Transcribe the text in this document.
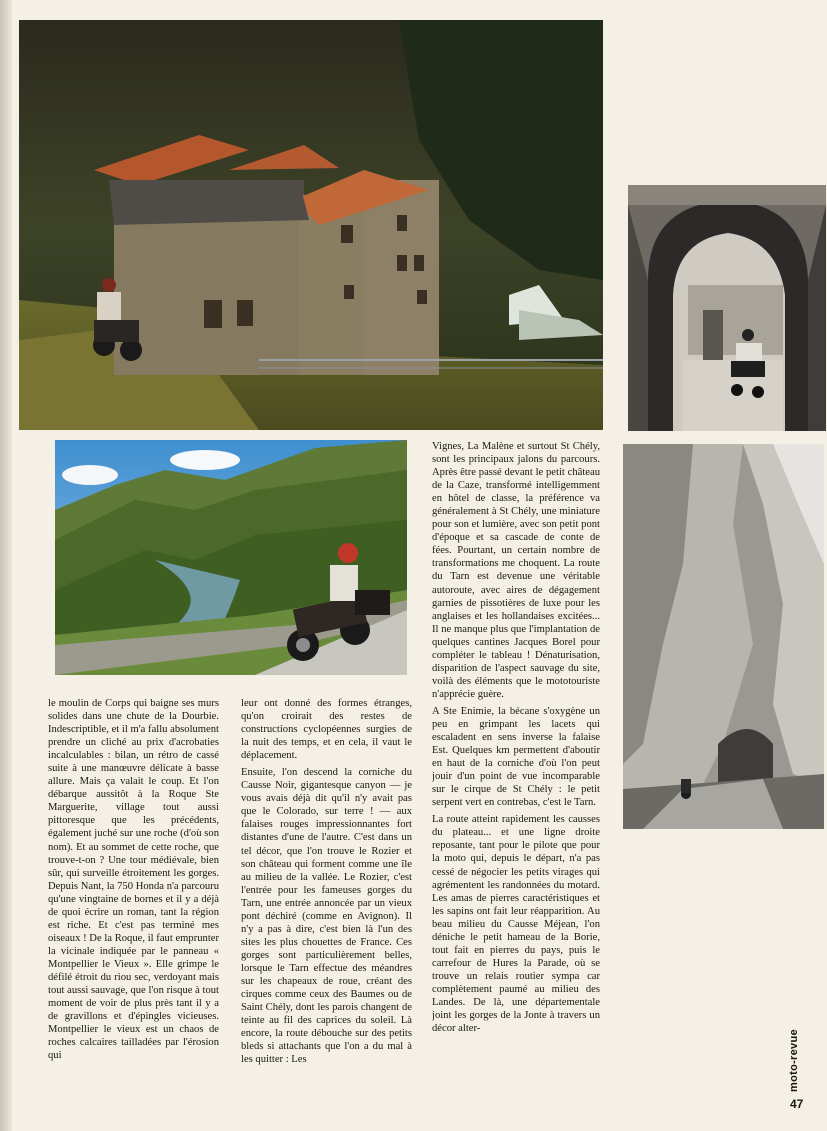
le moulin de Corps qui baigne ses murs solides dans une chute de la Dourbie. Indescriptible, et il m'a fallu absolument prendre un cliché au prix d'acrobaties incalculables : bilan, un rétro de cassé suite à une manœuvre délicate à basse allure. Mais ça valait le coup. Et l'on débarque aussitôt à la Roque Ste Marguerite, village tout aussi pittoresque que les précédents, également juché sur une roche (d'où son nom). Et au sommet de cette roche, que trouve-t-on ? Une tour médiévale, bien sûr, qui surveille étroitement les gorges. Depuis Nant, la 750 Honda n'a parcouru qu'une vingtaine de bornes et il y a déjà de quoi écrire un roman, tant la région est riche. Et c'est pas terminé mes oiseaux ! De la Roque, il faut emprunter la vicinale indiquée par le panneau « Montpellier le Vieux ». Elle grimpe le défilé étroit du riou sec, verdoyant mais tout aussi sauvage, que l'on risque à tout moment de voir de plus près tant il y a de gravillons et d'épingles vicieuses. Montpellier le vieux est un chaos de roches calcaires tailladées par l'érosion qui

leur ont donné des formes étranges, qu'on croirait des restes de constructions cyclopéennes surgies de la nuit des temps, et en cela, il vaut le déplacement.

Ensuite, l'on descend la corniche du Causse Noir, gigantesque canyon — je vous avais déjà dit qu'il n'y avait pas que le Colorado, sur terre ! — aux falaises rouges impressionnantes fort distantes d'une de l'autre. C'est dans un tel décor, que l'on trouve le Rozier et son château qui forment comme une île au milieu de la vallée. Le Rozier, c'est l'entrée pour les fameuses gorges du Tarn, une entrée annoncée par un vieux pont déchiré (comme en Avignon). Il n'y a pas à dire, c'est bien là l'un des sites les plus chouettes de France. Ces gorges sont particulièrement belles, lorsque le Tarn effectue des méandres sur les chapeaux de roue, créant des cirques comme ceux des Baumes ou de Saint Chély, dont les parois changent de teinte au fil des caprices du soleil. Là encore, la route débouche sur des petits bleds si attachants que l'on a du mal à les quitter : Les

Vignes, La Malène et surtout St Chély, sont les principaux jalons du parcours. Après être passé devant le petit château de la Caze, transformé intelligemment en hôtel de classe, la préférence va généralement à St Chély, une miniature pour son et lumière, avec son petit pont d'époque et sa cascade de conte de fées. Pourtant, un certain nombre de transformations me choquent. La route du Tarn est devenue une véritable autoroute, avec aires de dégagement garnies de pissotières de luxe pour les anglaises et les hollandaises excitées... Il ne manque plus que l'implantation de quelques cantines Jacques Borel pour compléter le tableau ! Dénaturisation, disparition de l'aspect sauvage du site, voilà des éléments que le mototouriste n'apprécie guère.

A Ste Enimie, la bécane s'oxygène un peu en grimpant les lacets qui escaladent en sens inverse la falaise Est. Quelques km permettent d'aboutir en haut de la corniche d'où l'on peut jouir d'un point de vue incomparable sur le cirque de St Chély : le petit serpent vert en contrebas, c'est le Tarn.

La route atteint rapidement les causses du plateau... et une ligne droite reposante, tant pour le pilote que pour la moto qui, depuis le départ, n'a pas cessé de négocier les petits virages qui agrémentent les randonnées du motard. Les amas de pierres caractéristiques et les sapins ont fait leur réapparition. Au beau milieu du Causse Méjean, l'on déniche le petit hameau de la Borie, tout fait en pierres du pays, puis le carrefour de Hures la Parade, où se trouve un relais routier sympa car complètement paumé au milieu des Landes. De là, une départementale joint les gorges de la Jonte à travers un décor alter-

moto-revue
47
